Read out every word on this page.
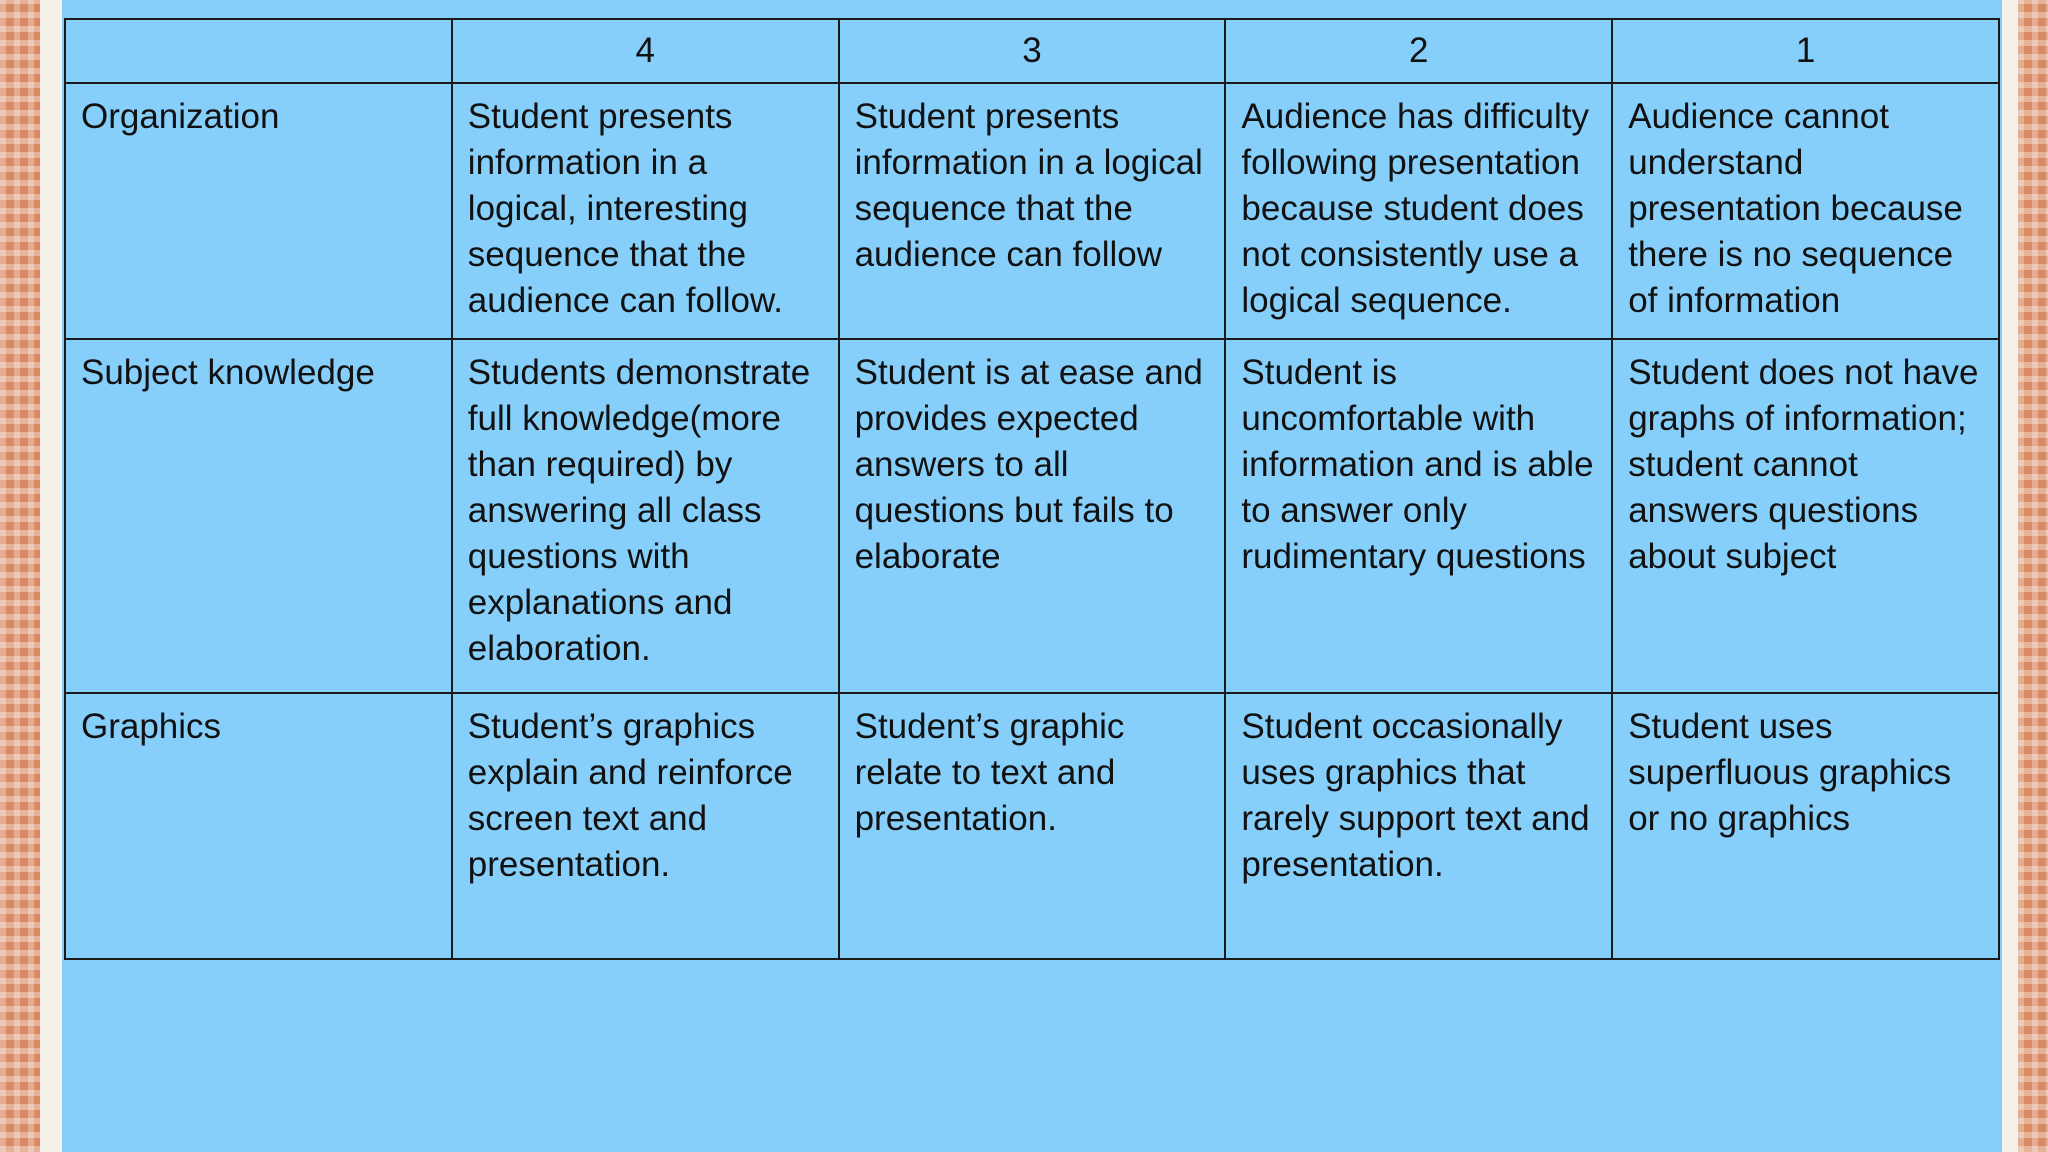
	4	3	2	1
Organization	Student presents information in a logical, interesting sequence that the audience can follow.	Student presents information in a logical sequence that the audience can follow	Audience has difficulty following presentation because student does not consistently use a logical sequence.	Audience cannot understand presentation because there is no sequence of information
Subject knowledge	Students demonstrate full knowledge(more than required) by answering all class questions with explanations and elaboration.	Student is at ease and provides expected answers to all questions but fails to elaborate	Student is uncomfortable with information and is able to answer only rudimentary questions	Student does not have graphs of information; student cannot answers questions about subject
Graphics	Student’s graphics explain and reinforce screen text and presentation.	Student’s graphic relate to text and presentation.	Student occasionally uses graphics that rarely support text and presentation.	Student uses superfluous graphics or no graphics
